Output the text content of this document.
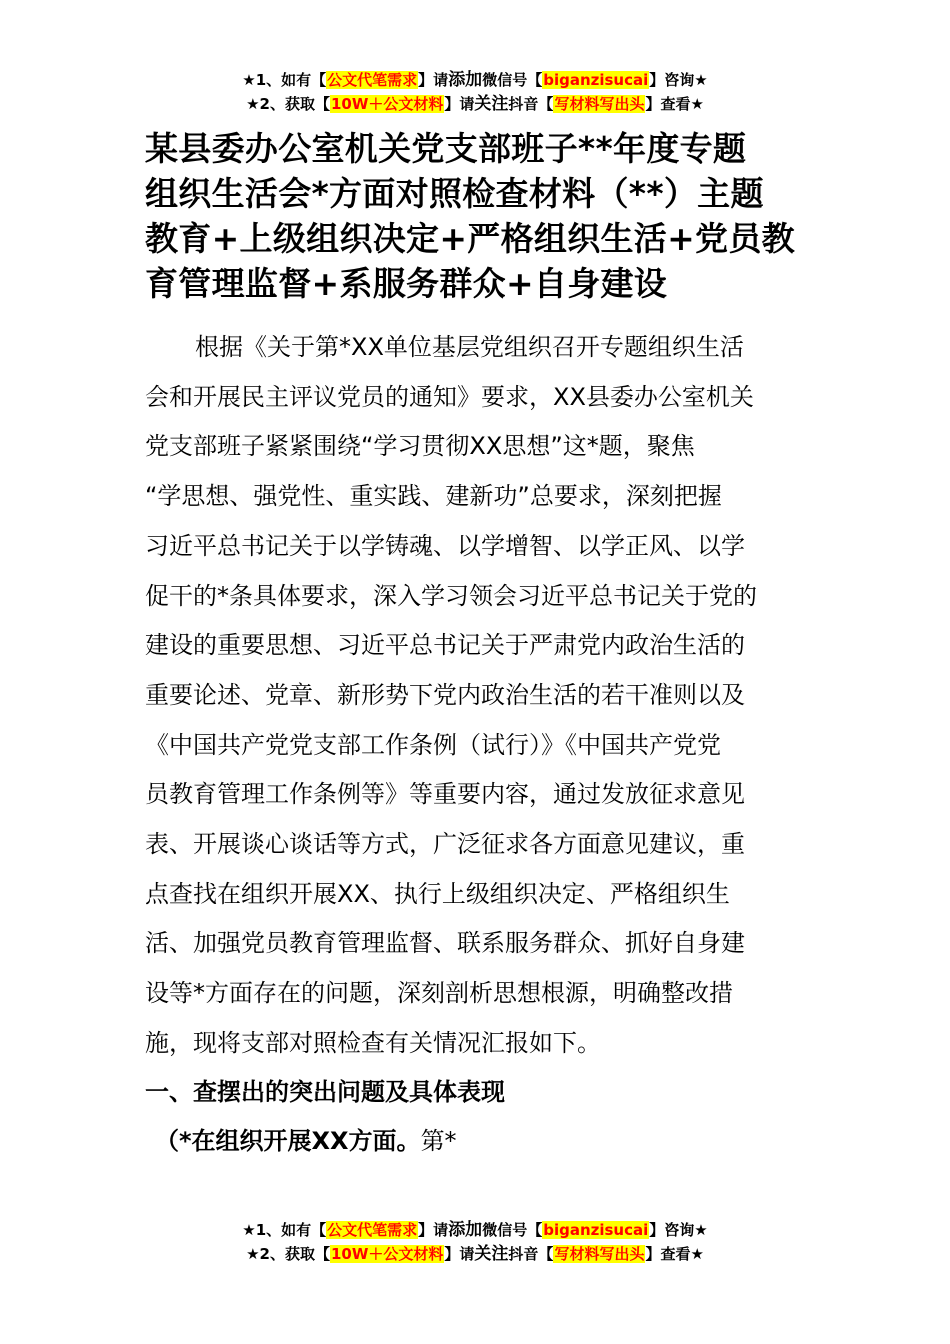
★1、如有【公文代笔需求】请添加微信号【biganzisucai】咨询★
★2、获取【10W＋公文材料】请关注抖音【写材料写出头】查看★
某县委办公室机关党支部班子**年度专题
组织生活会*方面对照检查材料（**）主题
教育+上级组织决定+严格组织生活+党员教
育管理监督+系服务群众+自身建设
根据《关于第*XX单位基层党组织召开专题组织生活
会和开展民主评议党员的通知》要求，XX县委办公室机关
党支部班子紧紧围绕“学习贯彻XX思想”这*题，聚焦
“学思想、强党性、重实践、建新功”总要求，深刻把握
习近平总书记关于以学铸魂、以学增智、以学正风、以学
促干的*条具体要求，深入学习领会习近平总书记关于党的
建设的重要思想、习近平总书记关于严肃党内政治生活的
重要论述、党章、新形势下党内政治生活的若干准则以及
《中国共产党党支部工作条例（试行）》《中国共产党党
员教育管理工作条例等》等重要内容，通过发放征求意见
表、开展谈心谈话等方式，广泛征求各方面意见建议，重
点查找在组织开展XX、执行上级组织决定、严格组织生
活、加强党员教育管理监督、联系服务群众、抓好自身建
设等*方面存在的问题，深刻剖析思想根源，明确整改措
施，现将支部对照检查有关情况汇报如下。
一、查摆出的突出问题及具体表现
（*在组织开展XX方面。第*
★1、如有【公文代笔需求】请添加微信号【biganzisucai】咨询★
★2、获取【10W＋公文材料】请关注抖音【写材料写出头】查看★
